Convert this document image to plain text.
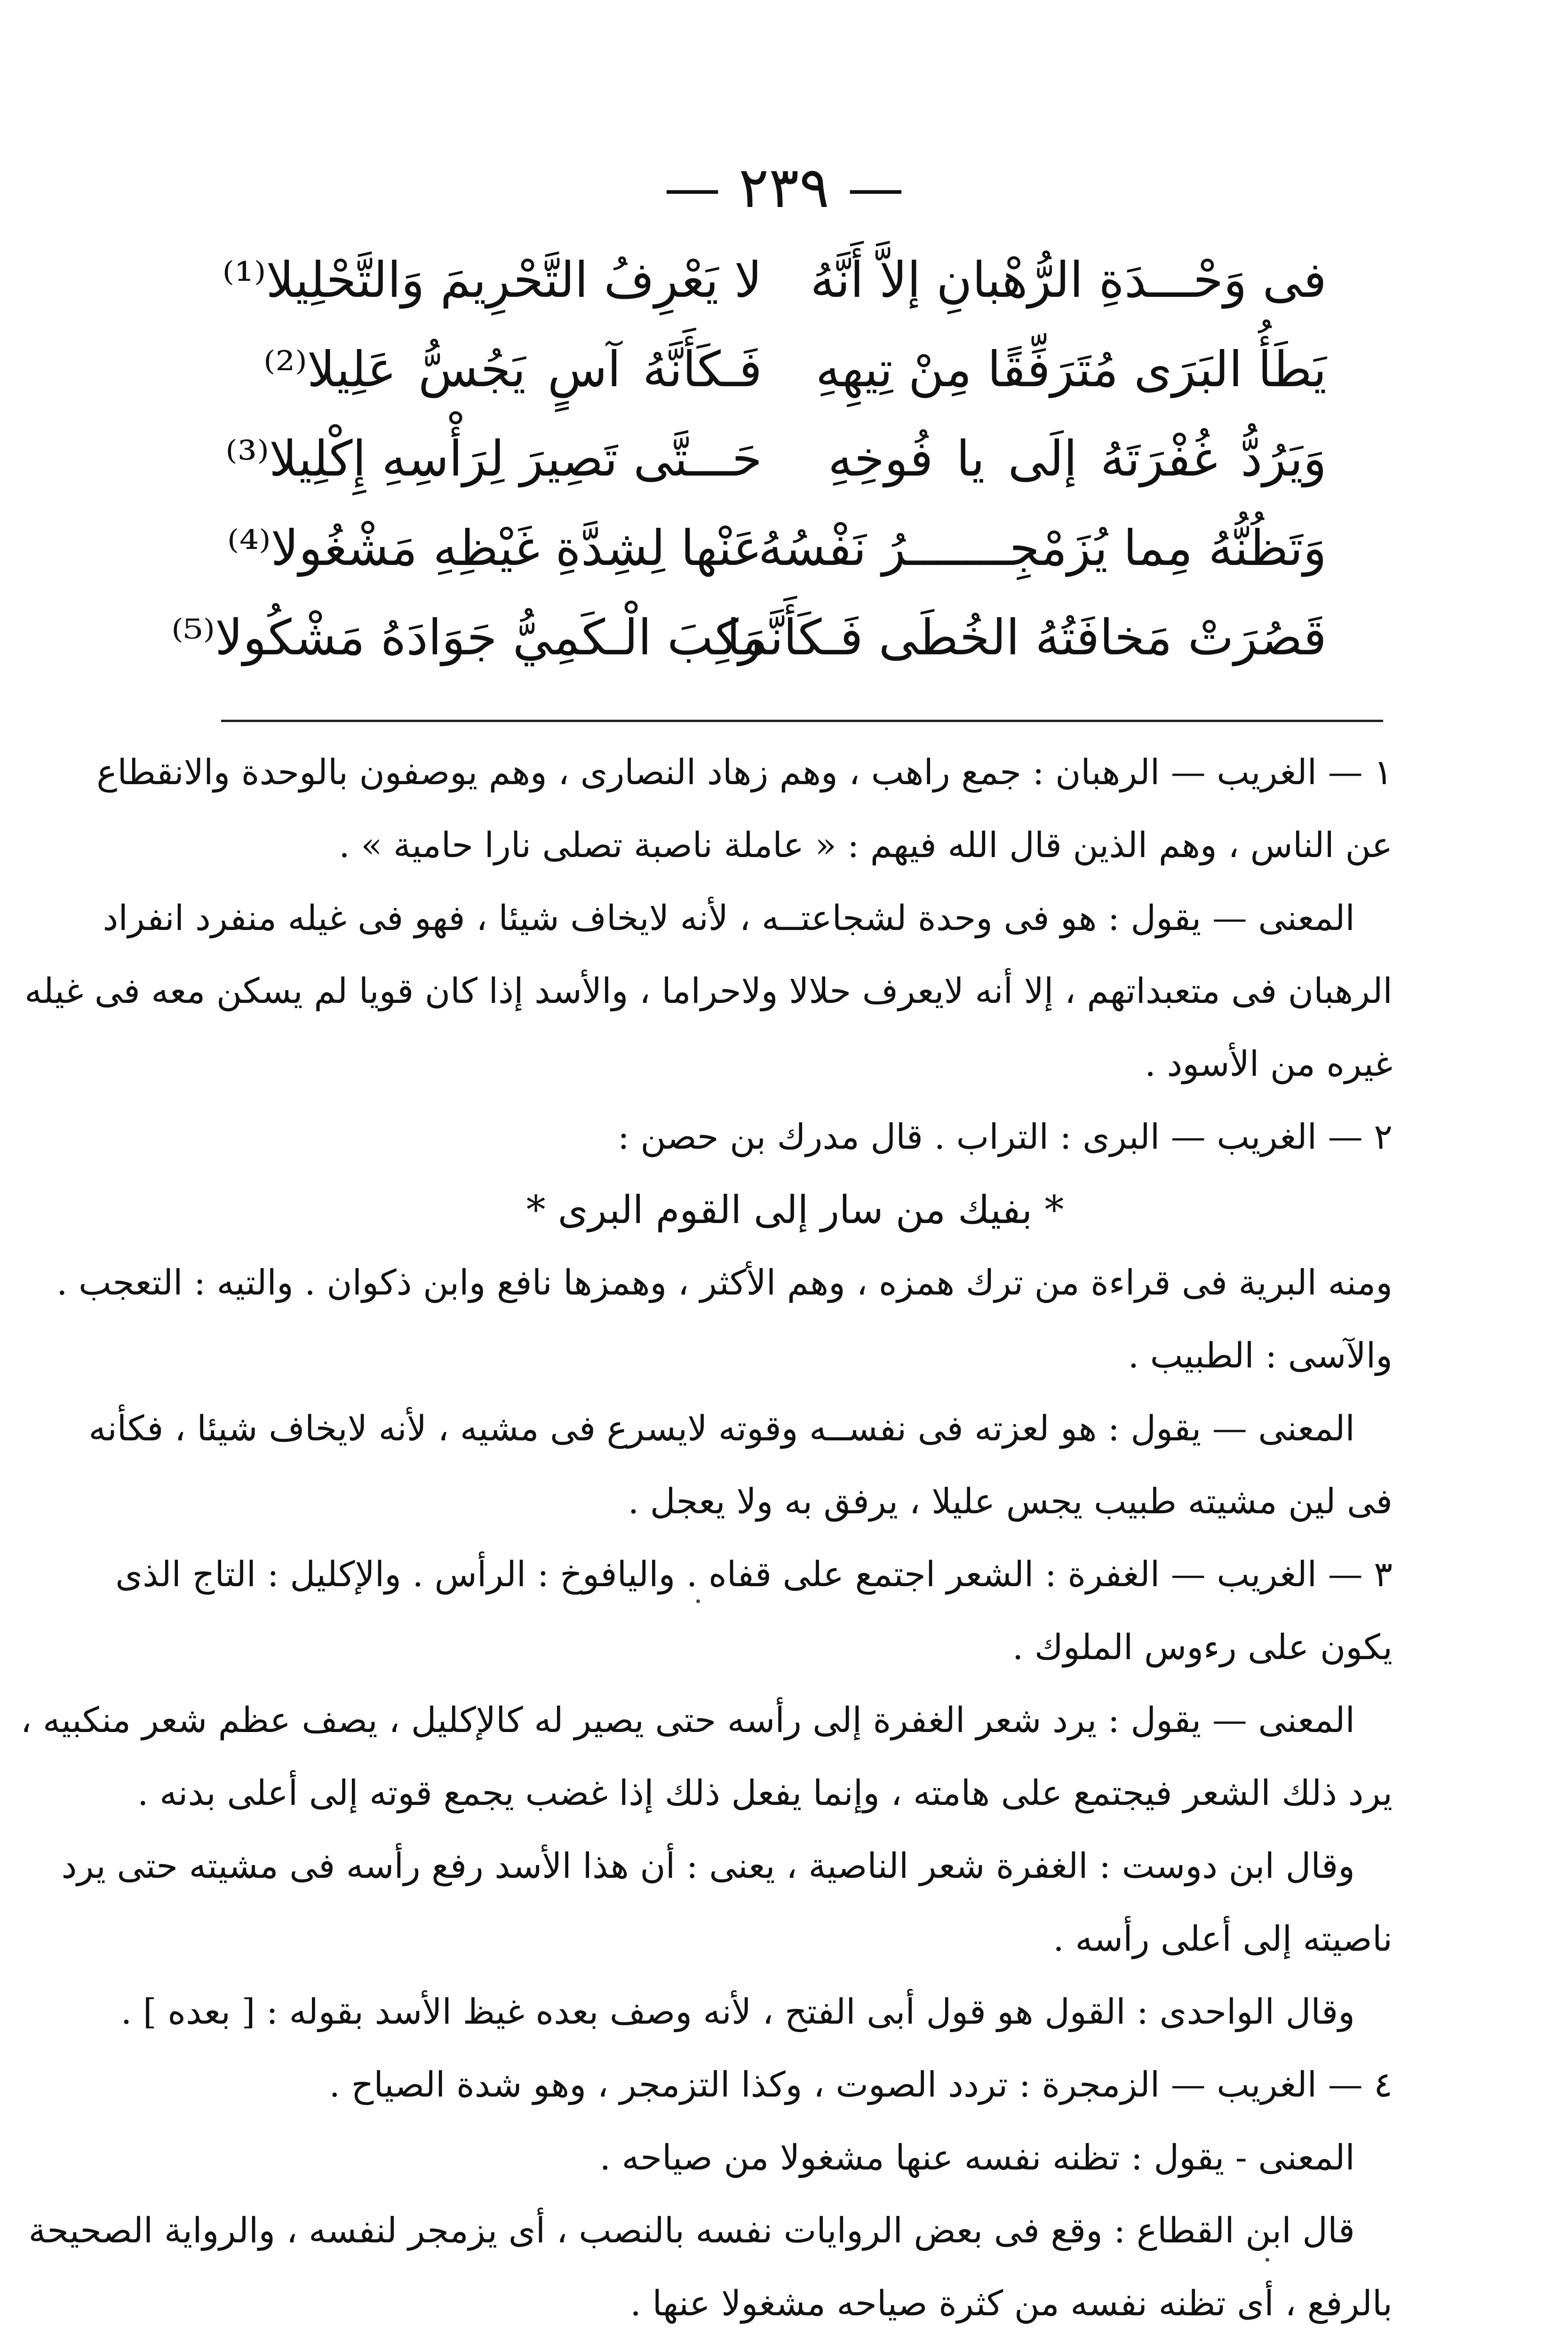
— ٢٣٩ —
فى وَحْـــدَةِ الرُّهْبانِ إلاَّ أَنَّهُ
لا يَعْرِفُ التَّحْرِيمَ وَالتَّحْلِيلا⁽¹⁾
يَطَأُ البَرَى مُتَرَفِّقًا مِنْ تِيهِهِ
فَـكَأَنَّهُ آسٍ يَجُسُّ عَلِيلا⁽²⁾
وَيَرُدُّ غُفْرَتَهُ إلَى يا فُوخِهِ
حَـــتَّى تَصِيرَ لِرَأْسِهِ إِكْلِيلا⁽³⁾
وَتَظُنُّهُ مِما يُزَمْجِـــــــرُ نَفْسُهُ
عَنْها لِشِدَّةِ غَيْظِهِ مَشْغُولا⁽⁴⁾
قَصُرَتْ مَخافَتُهُ الخُطَى فَـكَأَنَّما
رَكِبَ الْـكَمِيُّ جَوَادَهُ مَشْكُولا⁽⁵⁾

١ — الغريب — الرهبان : جمع راهب ، وهم زهاد النصارى ، وهم يوصفون بالوحدة والانقطاع

عن الناس ، وهم الذين قال الله فيهم : « عاملة ناصبة تصلى نارا حامية » .

المعنى — يقول : هو فى وحدة لشجاعتــه ، لأنه لايخاف شيئا ، فهو فى غيله منفرد انفراد

الرهبان فى متعبداتهم ، إلا أنه لايعرف حلالا ولاحراما ، والأسد إذا كان قويا لم يسكن معه فى غيله

غيره من الأسود .

٢ — الغريب — البرى : التراب . قال مدرك بن حصن :

* بفيك من سار إلى القوم البرى *

ومنه البرية فى قراءة من ترك همزه ، وهم الأكثر ، وهمزها نافع وابن ذكوان . والتيه : التعجب .

والآسى : الطبيب .

المعنى — يقول : هو لعزته فى نفســه وقوته لايسرع فى مشيه ، لأنه لايخاف شيئا ، فكأنه

فى لين مشيته طبيب يجس عليلا ، يرفق به ولا يعجل .

٣ — الغريب — الغفرة : الشعر اجتمع على قفاه . واليافوخ : الرأس . والإكليل : التاج الذى

يكون على رءوس الملوك .

المعنى — يقول : يرد شعر الغفرة إلى رأسه حتى يصير له كالإكليل ، يصف عظم شعر منكبيه ،

يرد ذلك الشعر فيجتمع على هامته ، وإنما يفعل ذلك إذا غضب يجمع قوته إلى أعلى بدنه .

وقال ابن دوست : الغفرة شعر الناصية ، يعنى : أن هذا الأسد رفع رأسه فى مشيته حتى يرد

ناصيته إلى أعلى رأسه .

وقال الواحدى : القول هو قول أبى الفتح ، لأنه وصف بعده غيظ الأسد بقوله : [ بعده ] .

٤ — الغريب — الزمجرة : تردد الصوت ، وكذا التزمجر ، وهو شدة الصياح .

المعنى - يقول : تظنه نفسه عنها مشغولا من صياحه .

قال ابن القطاع : وقع فى بعض الروايات نفسه بالنصب ، أى يزمجر لنفسه ، والرواية الصحيحة

بالرفع ، أى تظنه نفسه من كثرة صياحه مشغولا عنها .
